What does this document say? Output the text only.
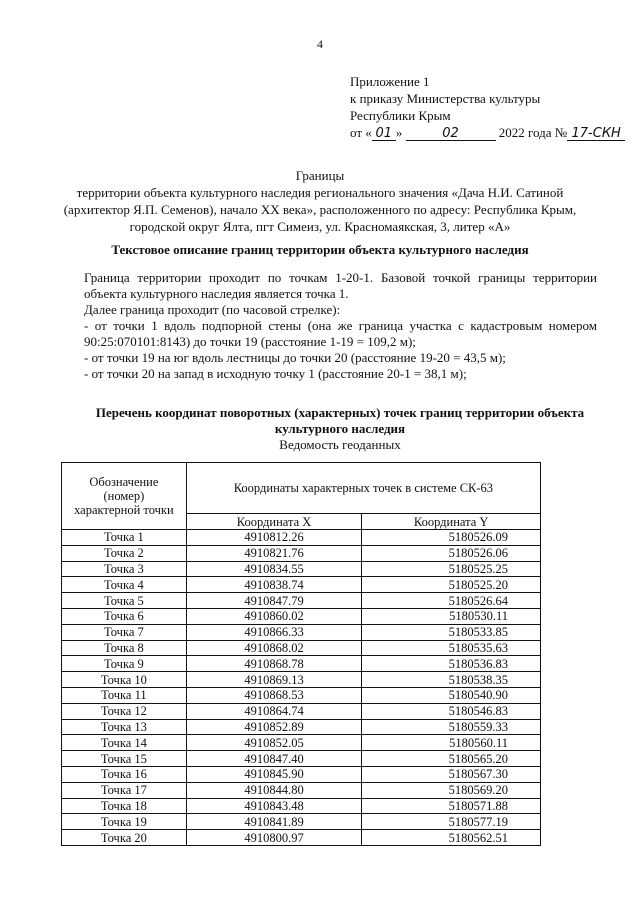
4
Приложение 1
к приказу Министерства культуры
Республики Крым
от « 01 »	02	2022 года № 17-СКН
Границы
территории объекта культурного наследия регионального значения «Дача Н.И. Сатиной
(архитектор Я.П. Семенов), начало XX века», расположенного по адресу: Республика Крым,
городской округ Ялта, пгт Симеиз, ул. Красномаякская, 3, литер «А»
Текстовое описание границ территории объекта культурного наследия

Граница территории проходит по точкам 1-20-1. Базовой точкой границы территории объекта культурного наследия является точка 1.

Далее граница проходит (по часовой стрелке):

- от точки 1 вдоль подпорной стены (она же граница участка с кадастровым номером 90:25:070101:8143) до точки 19 (расстояние 1-19 = 109,2 м);

- от точки 19 на юг вдоль лестницы до точки 20 (расстояние 19-20 = 43,5 м);

- от точки 20 на запад в исходную точку 1 (расстояние 20-1 = 38,1 м);

Перечень координат поворотных (характерных) точек границ территории объекта
культурного наследия
Ведомость геоданных
Обозначение
(номер)
характерной точки	Координаты характерных точек в системе СК-63	
	Координата X	Координата Y
Точка 1	4910812.26	5180526.09
Точка 2	4910821.76	5180526.06
Точка 3	4910834.55	5180525.25
Точка 4	4910838.74	5180525.20
Точка 5	4910847.79	5180526.64
Точка 6	4910860.02	5180530.11
Точка 7	4910866.33	5180533.85
Точка 8	4910868.02	5180535.63
Точка 9	4910868.78	5180536.83
Точка 10	4910869.13	5180538.35
Точка 11	4910868.53	5180540.90
Точка 12	4910864.74	5180546.83
Точка 13	4910852.89	5180559.33
Точка 14	4910852.05	5180560.11
Точка 15	4910847.40	5180565.20
Точка 16	4910845.90	5180567.30
Точка 17	4910844.80	5180569.20
Точка 18	4910843.48	5180571.88
Точка 19	4910841.89	5180577.19
Точка 20	4910800.97	5180562.51
